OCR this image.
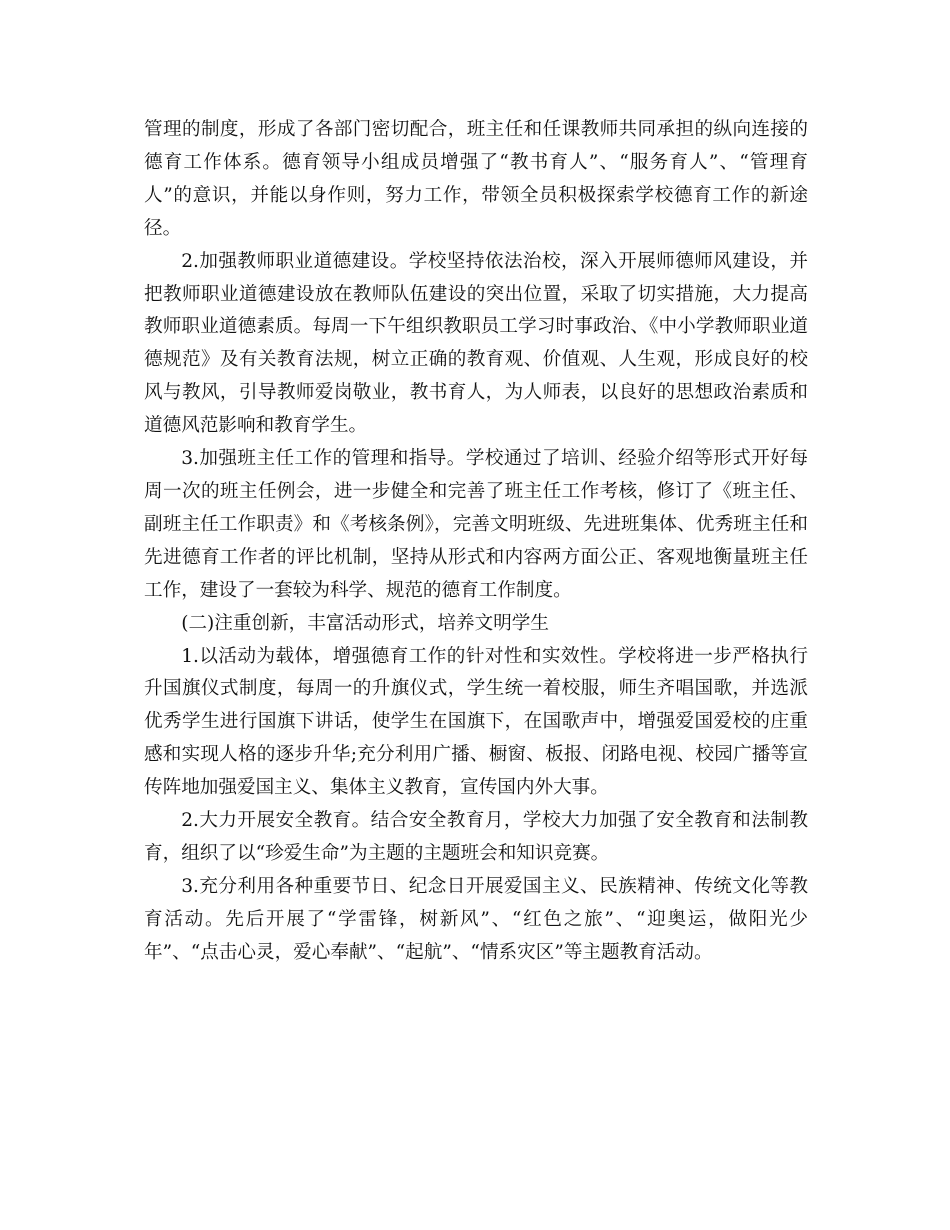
管理的制度，形成了各部门密切配合，班主任和任课教师共同承担的纵向连接的德育工作体系。德育领导小组成员增强了“教书育人”、“服务育人”、“管理育人”的意识，并能以身作则，努力工作，带领全员积极探索学校德育工作的新途径。

2.加强教师职业道德建设。学校坚持依法治校，深入开展师德师风建设，并把教师职业道德建设放在教师队伍建设的突出位置，采取了切实措施，大力提高教师职业道德素质。每周一下午组织教职员工学习时事政治、《中小学教师职业道德规范》及有关教育法规，树立正确的教育观、价值观、人生观，形成良好的校风与教风，引导教师爱岗敬业，教书育人，为人师表，以良好的思想政治素质和道德风范影响和教育学生。

3.加强班主任工作的管理和指导。学校通过了培训、经验介绍等形式开好每周一次的班主任例会，进一步健全和完善了班主任工作考核，修订了《班主任、副班主任工作职责》和《考核条例》，完善文明班级、先进班集体、优秀班主任和先进德育工作者的评比机制，坚持从形式和内容两方面公正、客观地衡量班主任工作，建设了一套较为科学、规范的德育工作制度。

(二)注重创新，丰富活动形式，培养文明学生

1.以活动为载体，增强德育工作的针对性和实效性。学校将进一步严格执行升国旗仪式制度，每周一的升旗仪式，学生统一着校服，师生齐唱国歌，并选派优秀学生进行国旗下讲话，使学生在国旗下，在国歌声中，增强爱国爱校的庄重感和实现人格的逐步升华;充分利用广播、橱窗、板报、闭路电视、校园广播等宣传阵地加强爱国主义、集体主义教育，宣传国内外大事。

2.大力开展安全教育。结合安全教育月，学校大力加强了安全教育和法制教育，组织了以“珍爱生命”为主题的主题班会和知识竞赛。

3.充分利用各种重要节日、纪念日开展爱国主义、民族精神、传统文化等教育活动。先后开展了“学雷锋，树新风”、“红色之旅”、“迎奥运，做阳光少年”、“点击心灵，爱心奉献”、“起航”、“情系灾区”等主题教育活动。
